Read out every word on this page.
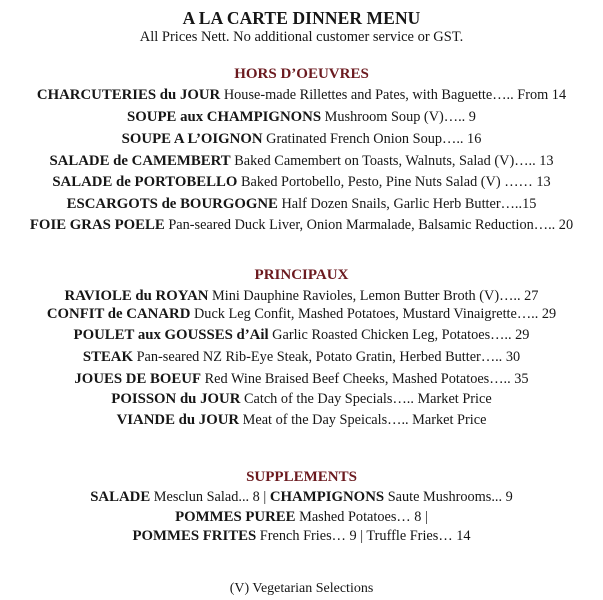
A LA CARTE DINNER MENU
All Prices Nett. No additional customer service or GST.
HORS D’OEUVRES
CHARCUTERIES du JOUR House-made Rillettes and Pates, with Baguette….. From 14
SOUPE aux CHAMPIGNONS Mushroom Soup (V)….. 9
SOUPE A L’OIGNON Gratinated French Onion Soup….. 16
SALADE de CAMEMBERT Baked Camembert on Toasts, Walnuts, Salad (V)….. 13
SALADE de PORTOBELLO Baked Portobello, Pesto, Pine Nuts Salad (V) …… 13
ESCARGOTS de BOURGOGNE Half Dozen Snails, Garlic Herb Butter…..15
FOIE GRAS POELE Pan-seared Duck Liver, Onion Marmalade, Balsamic Reduction….. 20
PRINCIPAUX
RAVIOLE du ROYAN Mini Dauphine Ravioles, Lemon Butter Broth (V)….. 27
CONFIT de CANARD Duck Leg Confit, Mashed Potatoes, Mustard Vinaigrette….. 29
POULET aux GOUSSES d’Ail Garlic Roasted Chicken Leg, Potatoes….. 29
STEAK Pan-seared NZ Rib-Eye Steak, Potato Gratin, Herbed Butter….. 30
JOUES DE BOEUF Red Wine Braised Beef Cheeks, Mashed Potatoes….. 35
POISSON du JOUR Catch of the Day Specials….. Market Price
VIANDE du JOUR Meat of the Day Speicals….. Market Price
SUPPLEMENTS
SALADE Mesclun Salad... 8 | CHAMPIGNONS Saute Mushrooms... 9
POMMES PUREE Mashed Potatoes… 8 |
POMMES FRITES French Fries… 9 | Truffle Fries… 14
(V) Vegetarian Selections
